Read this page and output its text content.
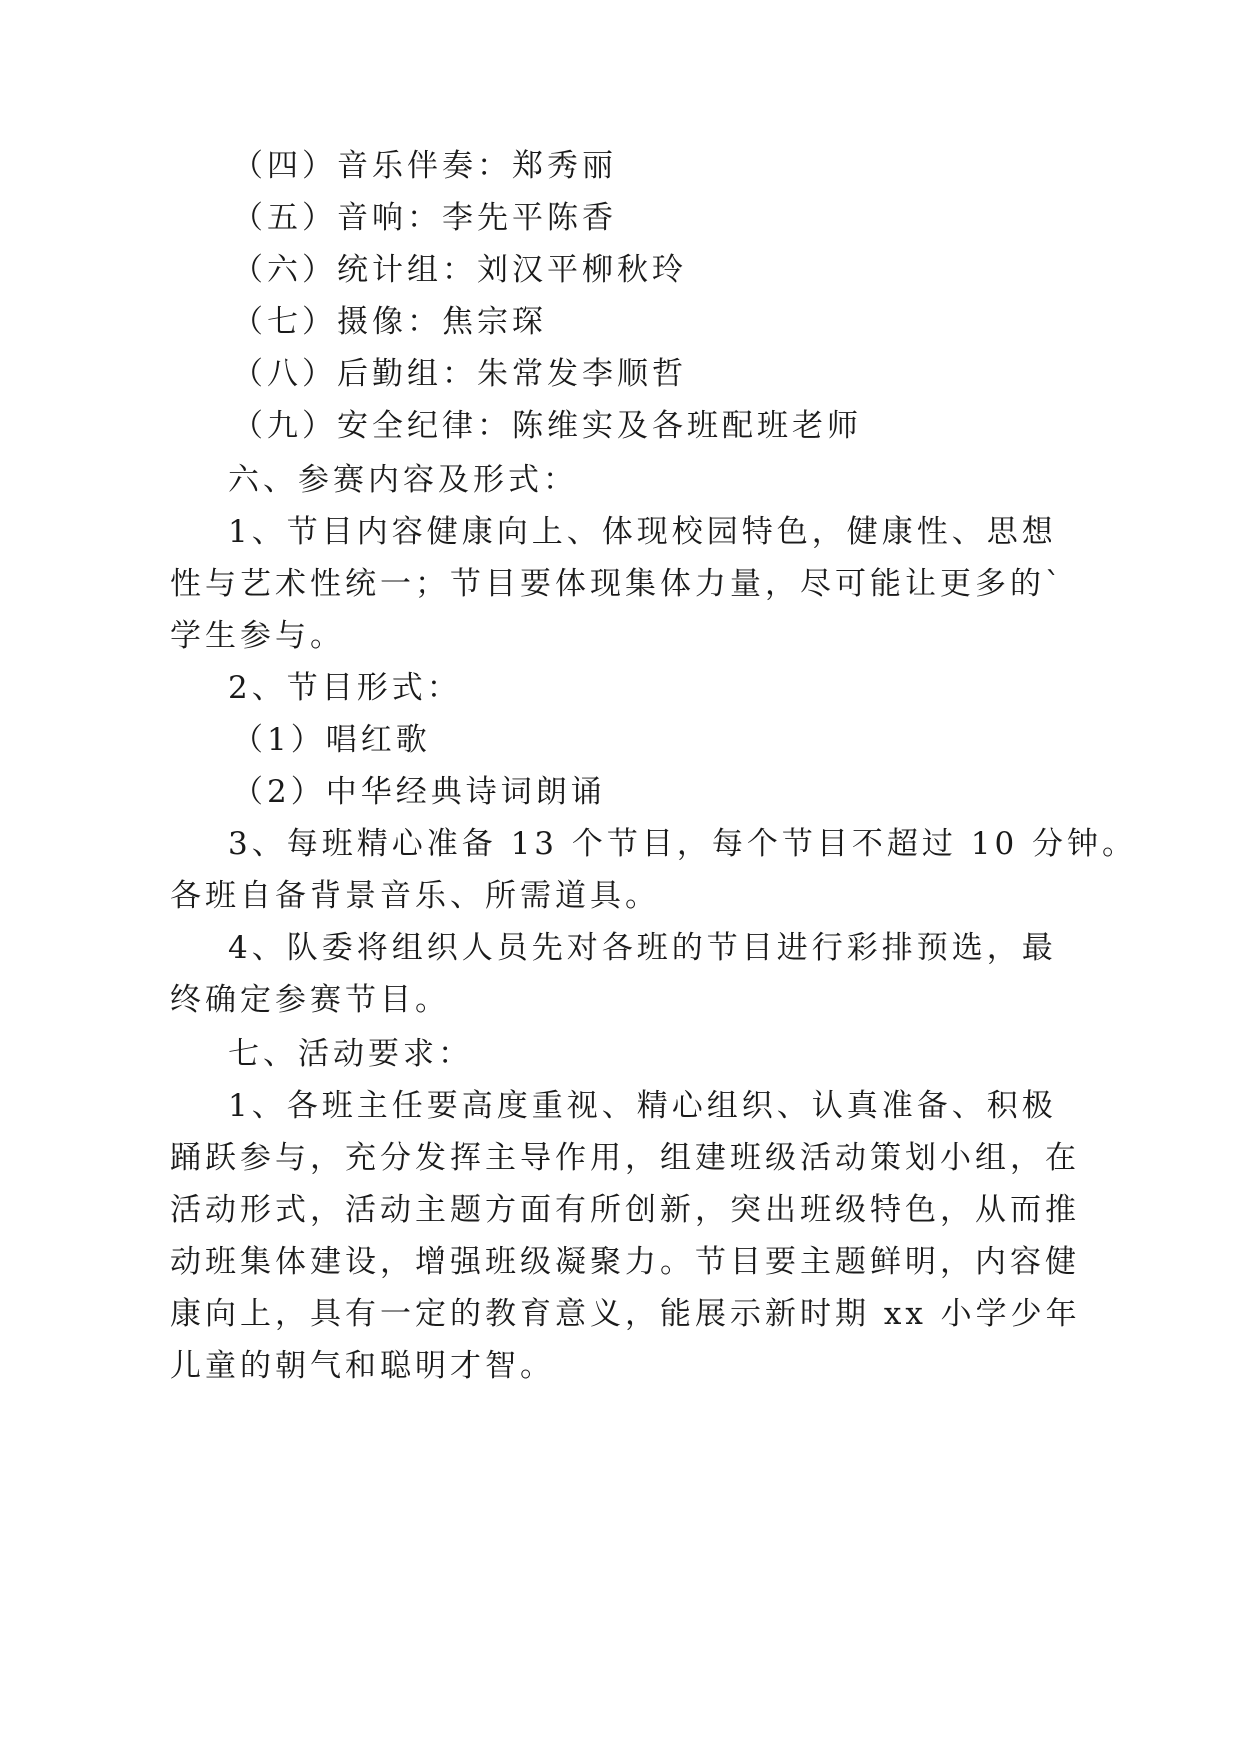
（四）音乐伴奏：郑秀丽
（五）音响：李先平陈香
（六）统计组：刘汉平柳秋玲
（七）摄像：焦宗琛
（八）后勤组：朱常发李顺哲
（九）安全纪律：陈维实及各班配班老师
六、参赛内容及形式：
1、节目内容健康向上、体现校园特色，健康性、思想
性与艺术性统一；节目要体现集体力量，尽可能让更多的`
学生参与。
2、节目形式：
（1）唱红歌
（2）中华经典诗词朗诵
3、每班精心准备 13 个节目，每个节目不超过 10 分钟。
各班自备背景音乐、所需道具。
4、队委将组织人员先对各班的节目进行彩排预选，最
终确定参赛节目。
七、活动要求：
1、各班主任要高度重视、精心组织、认真准备、积极
踊跃参与，充分发挥主导作用，组建班级活动策划小组，在
活动形式，活动主题方面有所创新，突出班级特色，从而推
动班集体建设，增强班级凝聚力。节目要主题鲜明，内容健
康向上，具有一定的教育意义，能展示新时期 xx 小学少年
儿童的朝气和聪明才智。
